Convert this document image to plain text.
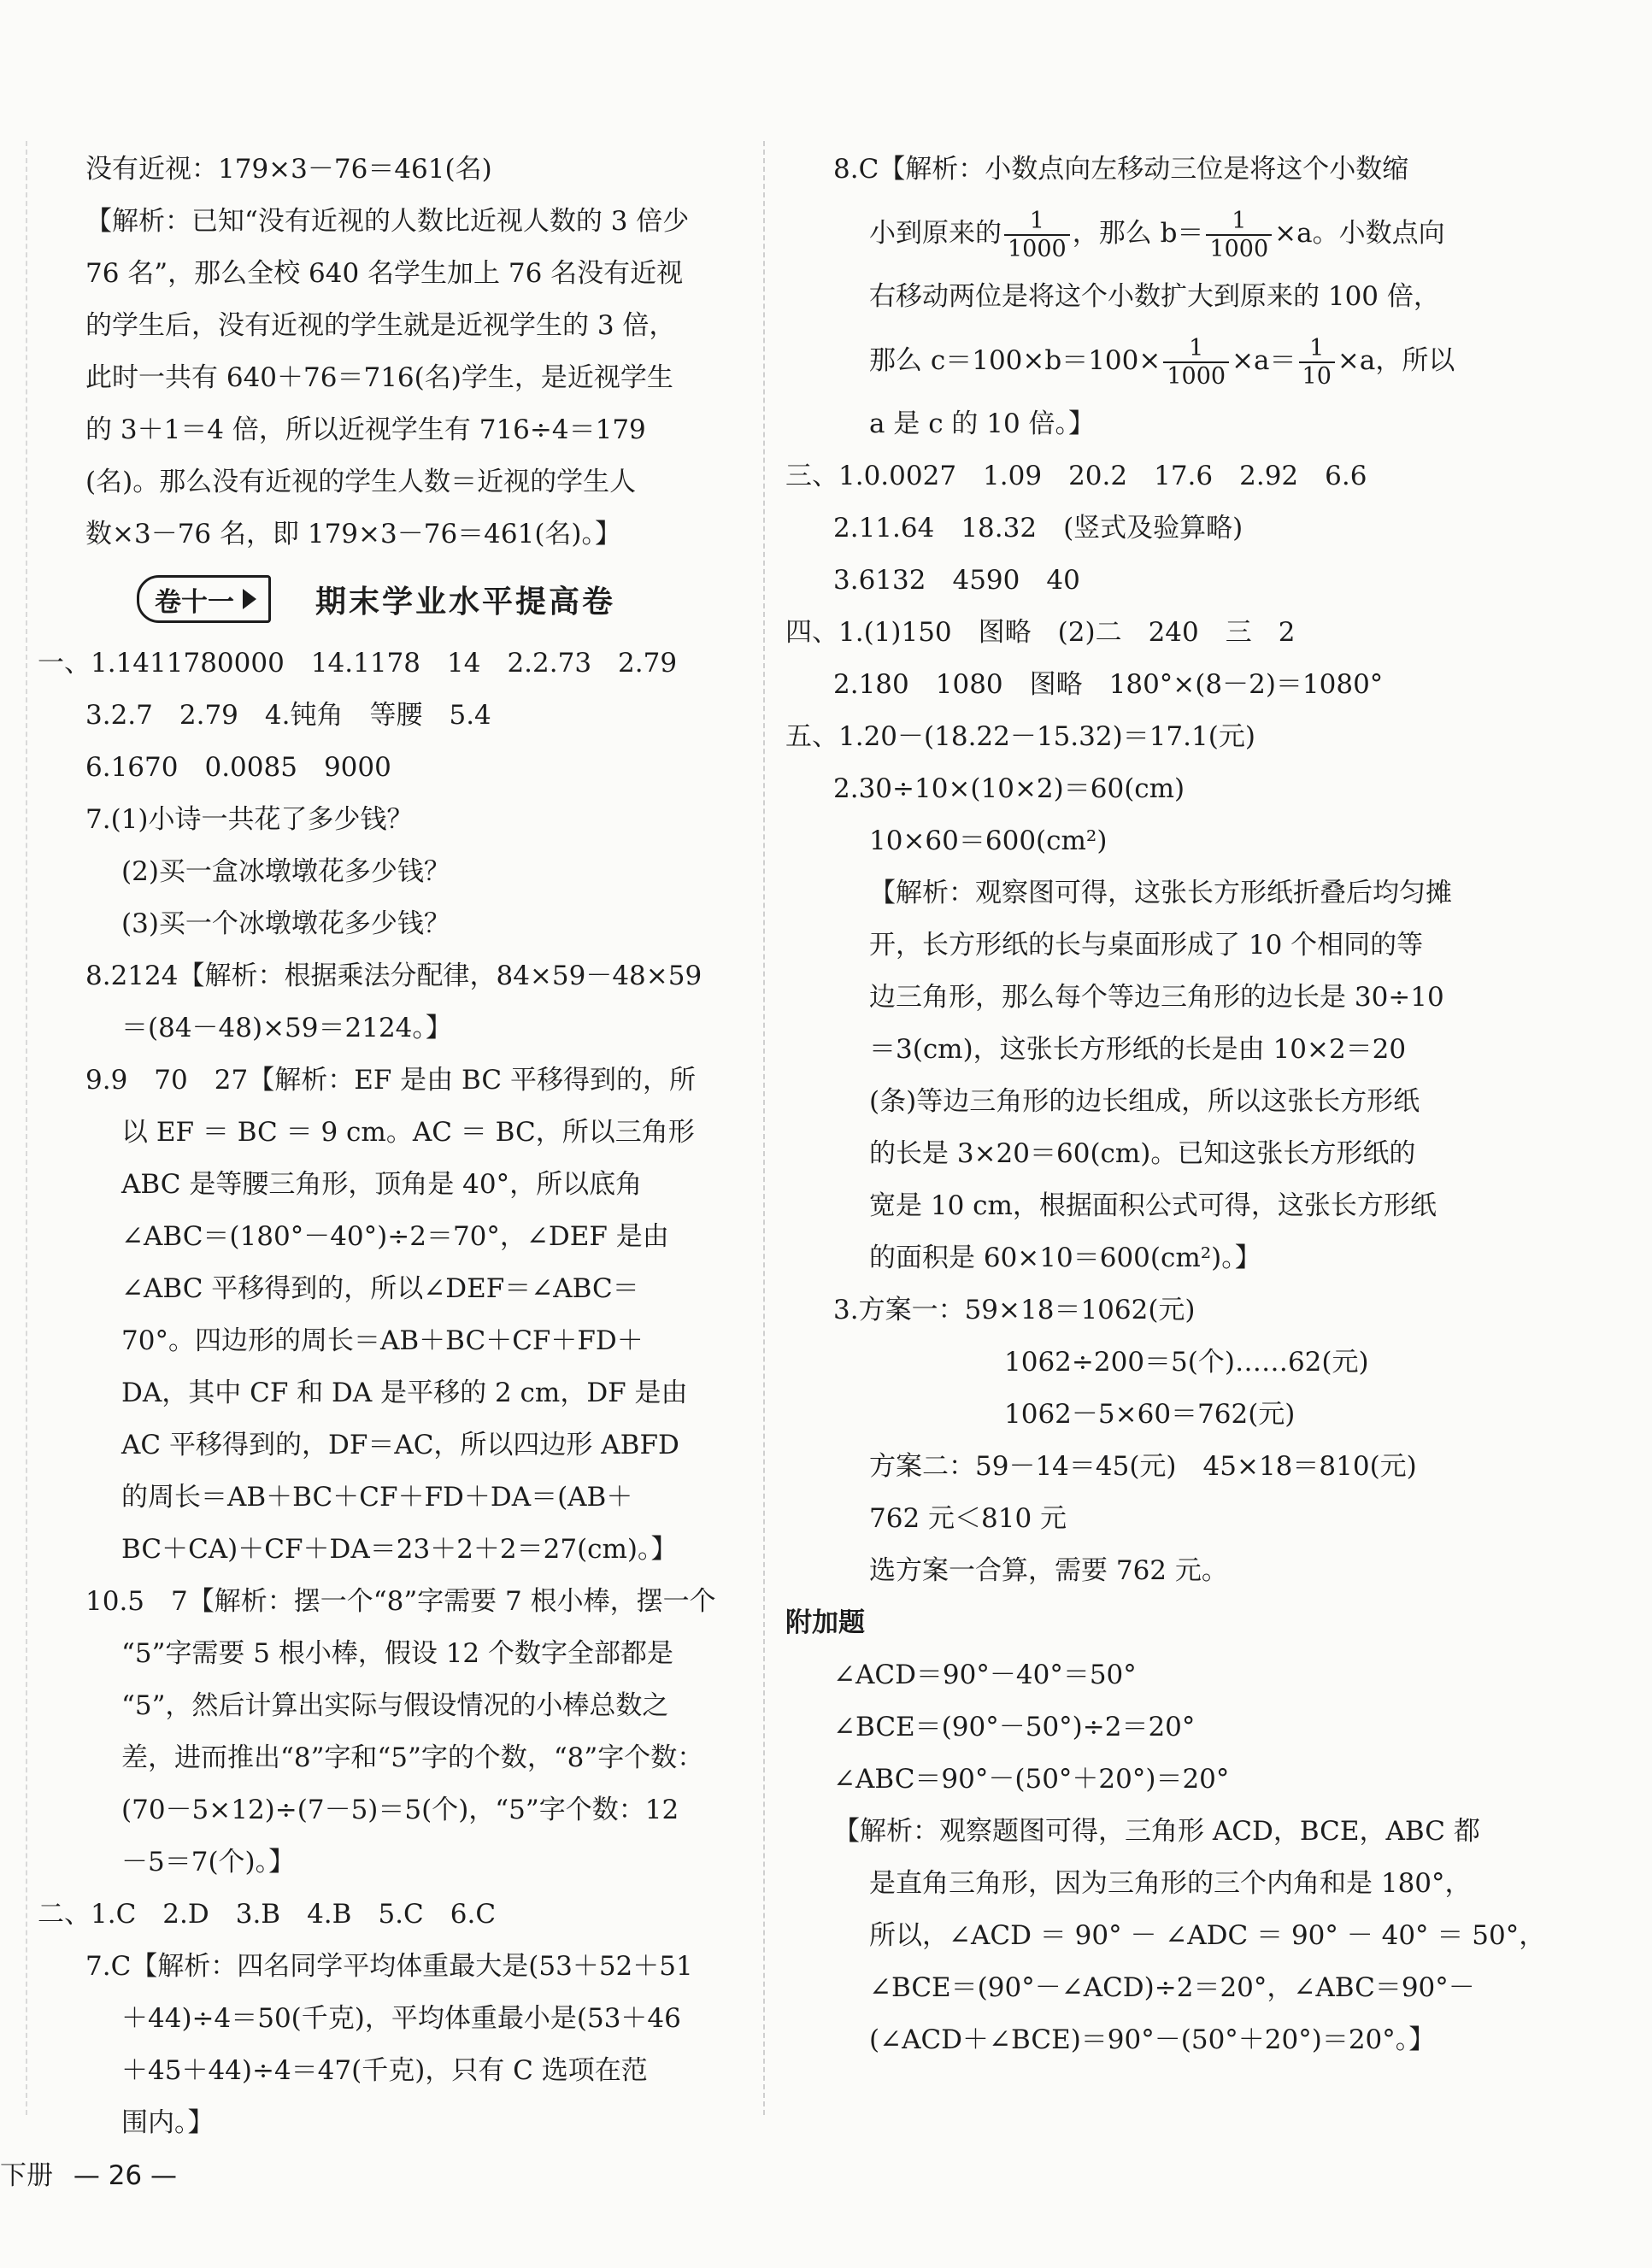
没有近视：179×3－76＝461(名)
【解析：已知“没有近视的人数比近视人数的 3 倍少
76 名”，那么全校 640 名学生加上 76 名没有近视
的学生后，没有近视的学生就是近视学生的 3 倍，
此时一共有 640＋76＝716(名)学生，是近视学生
的 3＋1＝4 倍，所以近视学生有 716÷4＝179
(名)。那么没有近视的学生人数＝近视的学生人
数×3－76 名，即 179×3－76＝461(名)。】
卷十一	期末学业水平提高卷
一、1.1411780000　14.1178　14　2.2.73　2.79
3.2.7　2.79　4.钝角　等腰　5.4
6.1670　0.0085　9000
7.(1)小诗一共花了多少钱？
(2)买一盒冰墩墩花多少钱？
(3)买一个冰墩墩花多少钱？
8.2124【解析：根据乘法分配律，84×59－48×59
＝(84－48)×59＝2124。】
9.9　70　27【解析：EF 是由 BC 平移得到的，所
以 EF ＝ BC ＝ 9 cm。AC ＝ BC，所以三角形
ABC 是等腰三角形，顶角是 40°，所以底角
∠ABC＝(180°－40°)÷2＝70°，∠DEF 是由
∠ABC 平移得到的，所以∠DEF＝∠ABC＝
70°。四边形的周长＝AB＋BC＋CF＋FD＋
DA，其中 CF 和 DA 是平移的 2 cm，DF 是由
AC 平移得到的，DF＝AC，所以四边形 ABFD
的周长＝AB＋BC＋CF＋FD＋DA＝(AB＋
BC＋CA)＋CF＋DA＝23＋2＋2＝27(cm)。】
10.5　7【解析：摆一个“8”字需要 7 根小棒，摆一个
“5”字需要 5 根小棒，假设 12 个数字全部都是
“5”，然后计算出实际与假设情况的小棒总数之
差，进而推出“8”字和“5”字的个数，“8”字个数：
(70－5×12)÷(7－5)＝5(个)，“5”字个数：12
－5＝7(个)。】
二、1.C　2.D　3.B　4.B　5.C　6.C
7.C【解析：四名同学平均体重最大是(53＋52＋51
＋44)÷4＝50(千克)，平均体重最小是(53＋46
＋45＋44)÷4＝47(千克)，只有 C 选项在范
围内。】
8.C【解析：小数点向左移动三位是将这个小数缩
小到原来的 $\frac{1}{1000}$ ，那么 $b= \frac{1}{1000} \times a$。小数点向
右移动两位是将这个小数扩大到原来的 100 倍，
那么 $c=100\times b=100\times \frac{1}{1000} \times a= \frac{1}{10} \times a$，所以
a 是 c 的 10 倍。】
三、1.0.0027　1.09　20.2　17.6　2.92　6.6
2.11.64　18.32　(竖式及验算略)
3.6132　4590　40
四、1.(1)150　图略　(2)二　240　三　2
2.180　1080　图略　180°×(8－2)＝1080°
五、1.20－(18.22－15.32)＝17.1(元)
2.30÷10×(10×2)＝60(cm)
10×60＝600(cm²)
【解析：观察图可得，这张长方形纸折叠后均匀摊
开，长方形纸的长与桌面形成了 10 个相同的等
边三角形，那么每个等边三角形的边长是 30÷10
＝3(cm)，这张长方形纸的长是由 10×2＝20
(条)等边三角形的边长组成，所以这张长方形纸
的长是 3×20＝60(cm)。已知这张长方形纸的
宽是 10 cm，根据面积公式可得，这张长方形纸
的面积是 60×10＝600(cm²)。】
3.方案一：59×18＝1062(元)
1062÷200＝5(个)……62(元)
1062－5×60＝762(元)
方案二：59－14＝45(元)　45×18＝810(元)
762 元＜810 元
选方案一合算，需要 762 元。
附加题
∠ACD＝90°－40°＝50°
∠BCE＝(90°－50°)÷2＝20°
∠ABC＝90°－(50°＋20°)＝20°
【解析：观察题图可得，三角形 ACD，BCE，ABC 都
是直角三角形，因为三角形的三个内角和是 180°，
所以，∠ACD ＝ 90° － ∠ADC ＝ 90° － 40° ＝ 50°，
∠BCE＝(90°－∠ACD)÷2＝20°，∠ABC＝90°－
(∠ACD＋∠BCE)＝90°－(50°＋20°)＝20°。】
下册 — 26 —
